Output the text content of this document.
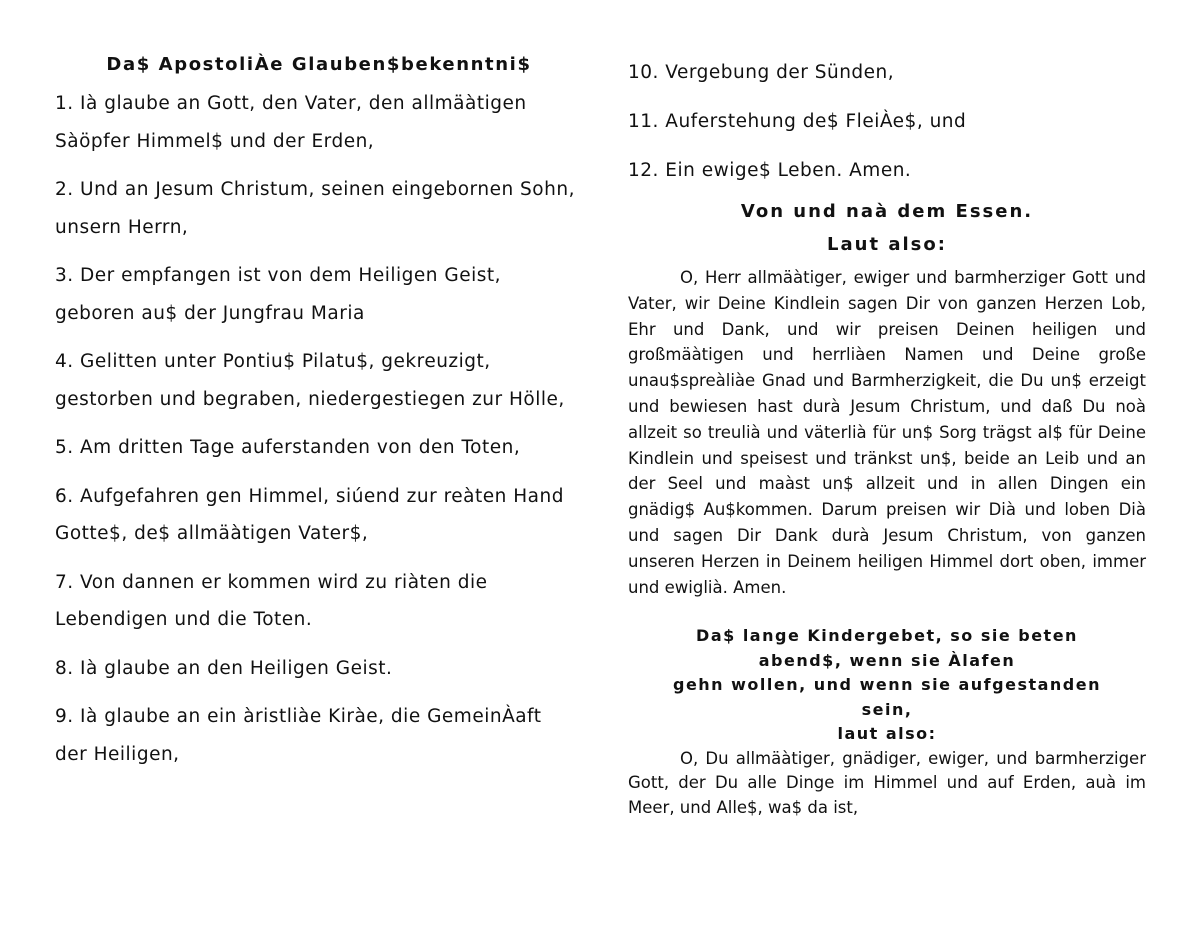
Da$ ApostoliÀe Glauben$bekenntni$
1. Ià glaube an Gott, den Vater, den allmäàtigen Sàöpfer Himmel$ und der Erden,
2. Und an Jesum Christum, seinen eingebornen Sohn, unsern Herrn,
3. Der empfangen ist von dem Heiligen Geist, geboren au$ der Jungfrau Maria
4. Gelitten unter Pontiu$ Pilatu$, gekreuzigt, gestorben und begraben, niedergestiegen zur Hölle,
5. Am dritten Tage auferstanden von den Toten,
6. Aufgefahren gen Himmel, siúend zur reàten Hand Gotte$, de$ allmäàtigen Vater$,
7. Von dannen er kommen wird zu riàten die Lebendigen und die Toten.
8. Ià glaube an den Heiligen Geist.
9. Ià glaube an ein àristliàe Kiràe, die GemeinÀaft der Heiligen,
10. Vergebung der Sünden,
11. Auferstehung de$ FleiÀe$, und
12. Ein ewige$ Leben. Amen.
Von und naà dem Essen.
Laut also:

O, Herr allmäàtiger, ewiger und barmherziger Gott und Vater, wir Deine Kindlein sagen Dir von ganzen Herzen Lob, Ehr und Dank, und wir preisen Deinen heiligen und großmäàtigen und herrliàen Namen und Deine große unau$spreàliàe Gnad und Barmherzigkeit, die Du un$ erzeigt und bewiesen hast durà Jesum Christum, und daß Du noà allzeit so treulià und väterlià für un$ Sorg trägst al$ für Deine Kindlein und speisest und tränkst un$, beide an Leib und an der Seel und maàst un$ allzeit und in allen Dingen ein gnädig$ Au$kommen. Darum preisen wir Dià und loben Dià und sagen Dir Dank durà Jesum Christum, von ganzen unseren Herzen in Deinem heiligen Himmel dort oben, immer und ewiglià. Amen.

Da$ lange Kindergebet, so sie beten
abend$, wenn sie Àlafen
gehn wollen, und wenn sie aufgestanden
sein,
laut also:

O, Du allmäàtiger, gnädiger, ewiger, und barmherziger Gott, der Du alle Dinge im Himmel und auf Erden, auà im Meer, und Alle$, wa$ da ist,
